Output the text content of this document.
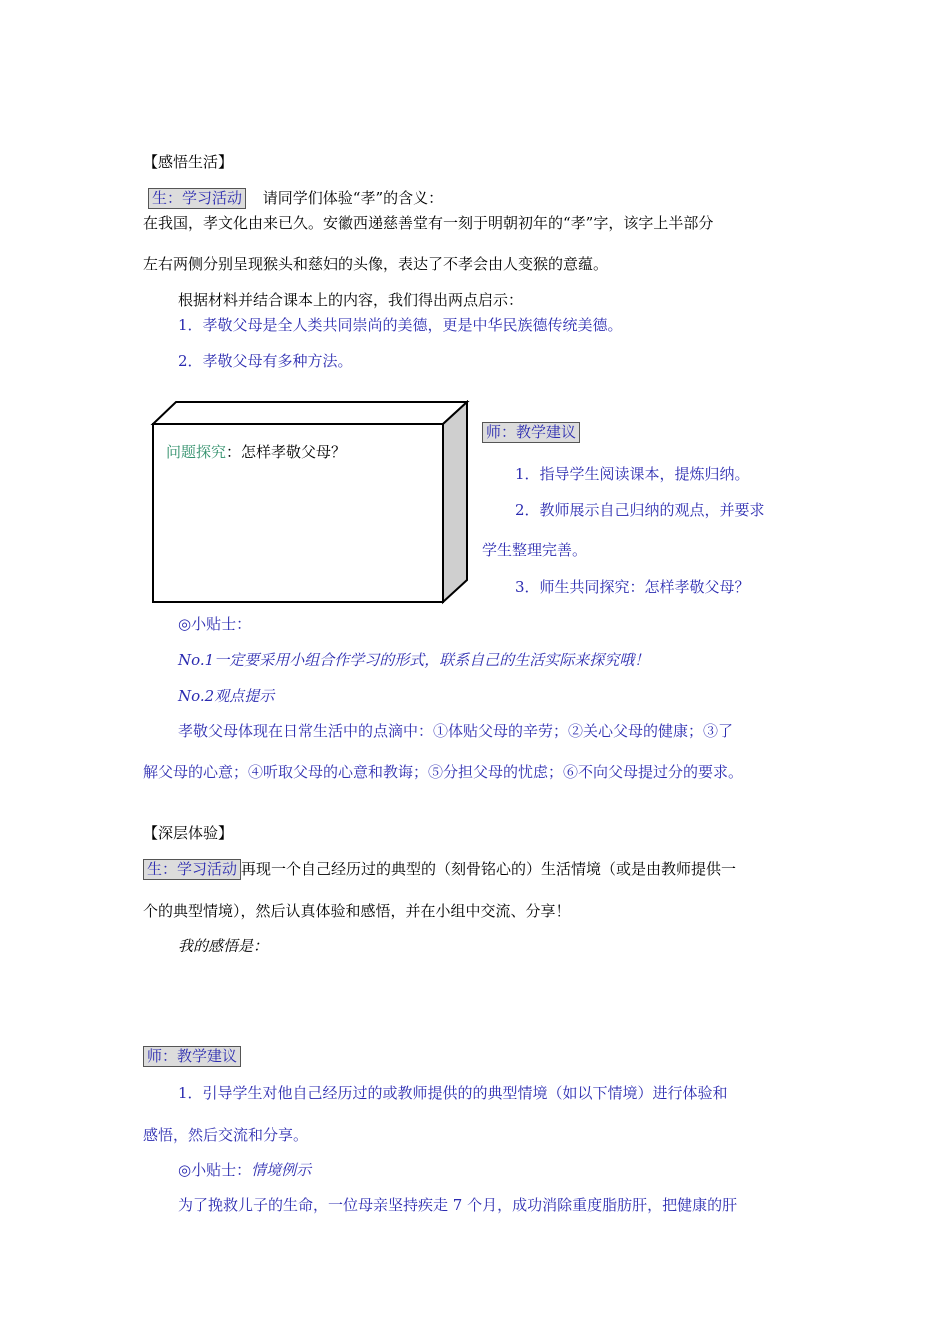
【感悟生活】
生：学习活动 请同学们体验“孝”的含义：
在我国，孝文化由来已久。安徽西递慈善堂有一刻于明朝初年的“孝”字，该字上半部分
左右两侧分别呈现猴头和慈妇的头像，表达了不孝会由人变猴的意蕴。
根据材料并结合课本上的内容，我们得出两点启示：
1．孝敬父母是全人类共同崇尚的美德，更是中华民族德传统美德。
2．孝敬父母有多种方法。
问题探究：怎样孝敬父母？
师：教学建议
1．指导学生阅读课本，提炼归纳。
2．教师展示自己归纳的观点，并要求
学生整理完善。
3．师生共同探究：怎样孝敬父母？
◎小贴士：
No.1一定要采用小组合作学习的形式，联系自己的生活实际来探究哦！
No.2观点提示
孝敬父母体现在日常生活中的点滴中：①体贴父母的辛劳；②关心父母的健康；③了
解父母的心意；④听取父母的心意和教诲；⑤分担父母的忧虑；⑥不向父母提过分的要求。
【深层体验】
生：学习活动 再现一个自己经历过的典型的（刻骨铭心的）生活情境（或是由教师提供一
个的典型情境），然后认真体验和感悟，并在小组中交流、分享！
我的感悟是：
师：教学建议
1．引导学生对他自己经历过的或教师提供的的典型情境（如以下情境）进行体验和
感悟，然后交流和分享。
◎小贴士：情境例示
为了挽救儿子的生命，一位母亲坚持疾走 7 个月，成功消除重度脂肪肝，把健康的肝
